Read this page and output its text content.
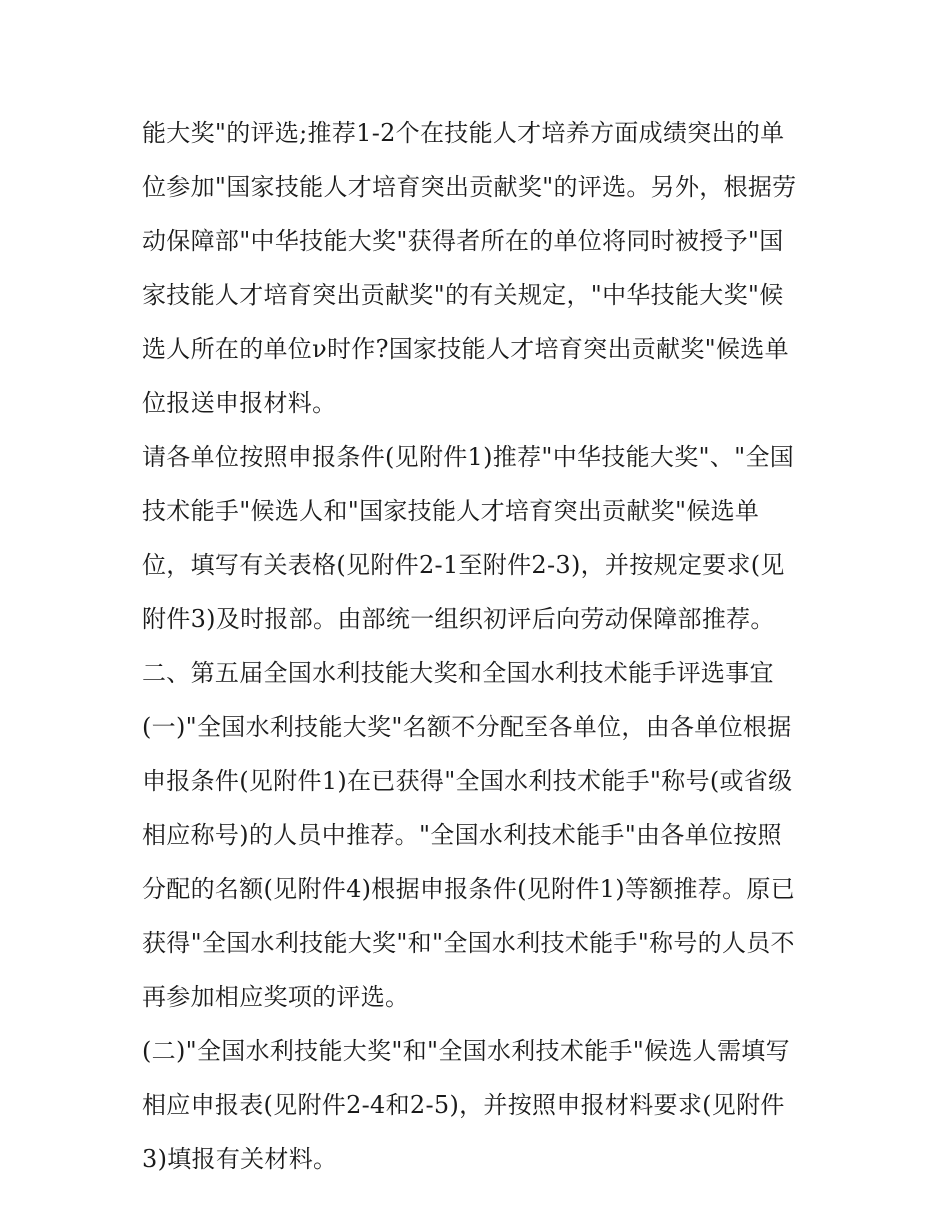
能大奖"的评选;推荐1-2个在技能人才培养方面成绩突出的单
位参加"国家技能人才培育突出贡献奖"的评选。另外，根据劳
动保障部"中华技能大奖"获得者所在的单位将同时被授予"国
家技能人才培育突出贡献奖"的有关规定，"中华技能大奖"候
选人所在的单位ν时作?国家技能人才培育突出贡献奖"候选单
位报送申报材料。
请各单位按照申报条件(见附件1)推荐"中华技能大奖"、"全国
技术能手"候选人和"国家技能人才培育突出贡献奖"候选单
位，填写有关表格(见附件2-1至附件2-3)，并按规定要求(见
附件3)及时报部。由部统一组织初评后向劳动保障部推荐。
二、第五届全国水利技能大奖和全国水利技术能手评选事宜
(一)"全国水利技能大奖"名额不分配至各单位，由各单位根据
申报条件(见附件1)在已获得"全国水利技术能手"称号(或省级
相应称号)的人员中推荐。"全国水利技术能手"由各单位按照
分配的名额(见附件4)根据申报条件(见附件1)等额推荐。原已
获得"全国水利技能大奖"和"全国水利技术能手"称号的人员不
再参加相应奖项的评选。
(二)"全国水利技能大奖"和"全国水利技术能手"候选人需填写
相应申报表(见附件2-4和2-5)，并按照申报材料要求(见附件
3)填报有关材料。
